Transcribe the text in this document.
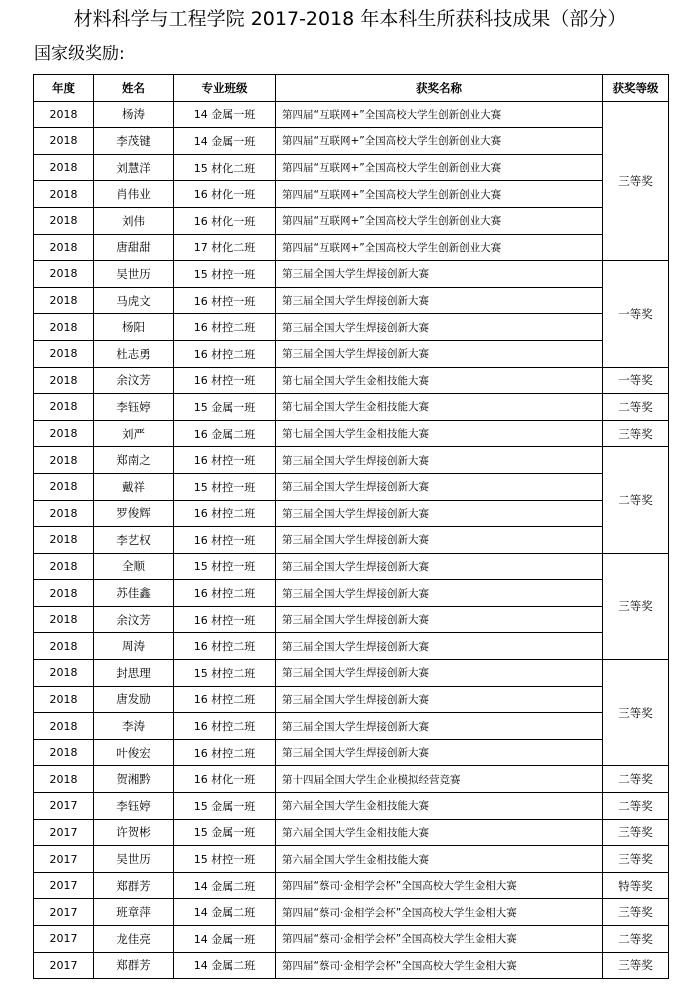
材料科学与工程学院 2017-2018 年本科生所获科技成果（部分）
国家级奖励:
年度	姓名	专业班级	获奖名称	获奖等级
2018	杨涛	14 金属一班	第四届“互联网+”全国高校大学生创新创业大赛	三等奖
2018	李茂键	14 金属一班	第四届“互联网+”全国高校大学生创新创业大赛	
2018	刘慧洋	15 材化二班	第四届“互联网+”全国高校大学生创新创业大赛	
2018	肖伟业	16 材化一班	第四届“互联网+”全国高校大学生创新创业大赛	
2018	刘伟	16 材化一班	第四届“互联网+”全国高校大学生创新创业大赛	
2018	唐甜甜	17 材化二班	第四届“互联网+”全国高校大学生创新创业大赛	
2018	吴世历	15 材控一班	第三届全国大学生焊接创新大赛	一等奖
2018	马虎文	16 材控一班	第三届全国大学生焊接创新大赛	
2018	杨阳	16 材控二班	第三届全国大学生焊接创新大赛	
2018	杜志勇	16 材控二班	第三届全国大学生焊接创新大赛	
2018	余汶芳	16 材控一班	第七届全国大学生金相技能大赛	一等奖
2018	李钰婷	15 金属一班	第七届全国大学生金相技能大赛	二等奖
2018	刘严	16 金属二班	第七届全国大学生金相技能大赛	三等奖
2018	郑南之	16 材控一班	第三届全国大学生焊接创新大赛	二等奖
2018	戴祥	15 材控一班	第三届全国大学生焊接创新大赛	
2018	罗俊辉	16 材控二班	第三届全国大学生焊接创新大赛	
2018	李艺权	16 材控一班	第三届全国大学生焊接创新大赛	
2018	全顺	15 材控一班	第三届全国大学生焊接创新大赛	三等奖
2018	苏佳鑫	16 材控二班	第三届全国大学生焊接创新大赛	
2018	余汶芳	16 材控一班	第三届全国大学生焊接创新大赛	
2018	周涛	16 材控二班	第三届全国大学生焊接创新大赛	
2018	封思理	15 材控二班	第三届全国大学生焊接创新大赛	三等奖
2018	唐发励	16 材控二班	第三届全国大学生焊接创新大赛	
2018	李涛	16 材控二班	第三届全国大学生焊接创新大赛	
2018	叶俊宏	16 材控二班	第三届全国大学生焊接创新大赛	
2018	贺湘黔	16 材化一班	第十四届全国大学生企业模拟经营竞赛	二等奖
2017	李钰婷	15 金属一班	第六届全国大学生金相技能大赛	二等奖
2017	许贺彬	15 金属一班	第六届全国大学生金相技能大赛	三等奖
2017	吴世历	15 材控一班	第六届全国大学生金相技能大赛	三等奖
2017	郑群芳	14 金属二班	第四届“蔡司·金相学会杯”全国高校大学生金相大赛	特等奖
2017	班章萍	14 金属二班	第四届“蔡司·金相学会杯”全国高校大学生金相大赛	三等奖
2017	龙佳亮	14 金属一班	第四届“蔡司·金相学会杯”全国高校大学生金相大赛	二等奖
2017	郑群芳	14 金属二班	第四届“蔡司·金相学会杯”全国高校大学生金相大赛	三等奖
